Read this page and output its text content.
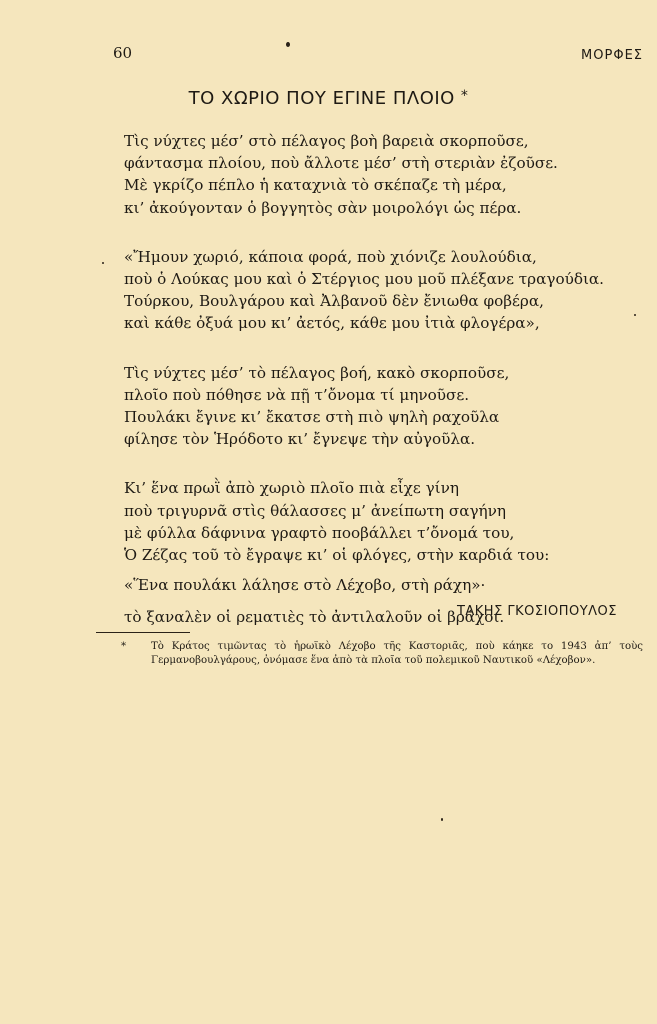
60	ΜΟΡΦΕΣ
ΤΟ ΧΩΡΙΟ ΠΟΥ ΕΓΙΝΕ ΠΛΟΙΟ *
Τὶς νύχτες μέσ’ στὸ πέλαγος βοὴ βαρειὰ σκορποῦσε,
φάντασμα πλοίου, ποὺ ἄλλοτε μέσ’ στὴ στεριὰν ἐζοῦσε.
Μὲ γκρίζο πέπλο ἡ καταχνιὰ τὸ σκέπαζε τὴ μέρα,
κι’ ἀκούγονταν ὁ βογγητὸς σὰν μοιρολόγι ὡς πέρα.
«Ἤμουν χωριό, κάποια φορά, ποὺ χιόνιζε λουλούδια,
ποὺ ὁ Λούκας μου καὶ ὁ Στέργιος μου μοῦ πλέξανε τραγούδια.
Τούρκου, Βουλγάρου καὶ Ἀλβανοῦ δὲν ἔνιωθα φοβέρα,
καὶ κάθε ὀξυά μου κι’ ἀετός, κάθε μου ἰτιὰ φλογέρα»,
Τὶς νύχτες μέσ’ τὸ πέλαγος βοή, κακὸ σκορποῦσε,
πλοῖο ποὺ πόθησε νὰ πῇ τ’ὄνομα τί μηνοῦσε.
Πουλάκι ἔγινε κι’ ἔκατσε στὴ πιὸ ψηλὴ ραχοῦλα
φίλησε τὸν Ἡρόδοτο κι’ ἔγνεψε τὴν αὐγοῦλα.
Κι’ ἕνα πρωῒ ἀπὸ χωριὸ πλοῖο πιὰ εἶχε γίνη
ποὺ τριγυρνᾶ στὶς θάλασσες μ’ ἀνείπωτη σαγήνη
μὲ φύλλα δάφνινα γραφτὸ ποοβάλλει τ’ὄνομά του,
Ὁ Ζέζας τοῦ τὸ ἔγραψε κι’ οἱ φλόγες, στὴν καρδιά του:
«Ἕνα πουλάκι λάλησε στὸ Λέχοβο, στὴ ράχη»·
τὸ ξαναλὲν οἱ ρεματιὲς τὸ ἀντιλαλοῦν οἱ βράχοι.
ΤΑΚΗΣ ΓΚΟΣΙΟΠΟΥΛΟΣ
*	Τὸ Κράτος τιμῶντας τὸ ἡρωϊκὸ Λέχοβο τῆς Καστοριᾶς, ποὺ κάηκε το 1943 ἀπ’ τοὺς Γερμανοβουλγάρους, ὀνόμασε ἕνα ἀπὸ τὰ πλοῖα τοῦ πολεμικοῦ Ναυτικοῦ «Λέχοβον».
